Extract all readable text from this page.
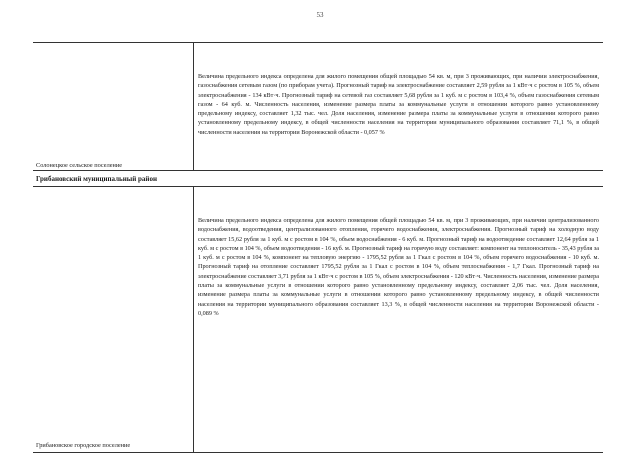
53
Величина предельного индекса определена для жилого помещения общей площадью 54 кв. м, при 3 проживающих, при наличии электроснабжения, газоснабжения сетевым газом (по приборам учета). Прогнозный тариф на электроснабжение составляет 2,59 рубля за 1 кВт·ч с ростом в 105 %, объем электроснабжения - 134 кВт·ч. Прогнозный тариф на сетевой газ составляет 5,68 рубля за 1 куб. м с ростом в 103,4 %, объем газоснабжения сетевым газом - 64 куб. м. Численность населения, изменение размера платы за коммунальные услуги в отношении которого равно установленному предельному индексу, составляет 1,32 тыс. чел. Доля населения, изменение размера платы за коммунальные услуги в отношении которого равно установленному предельному индексу, в общей численности населения на территории муниципального образования составляет 71,1 %, в общей численности населения на территории Воронежской области - 0,057 %
Солонецкое сельское поселение
Грибановский муниципальный район
Величина предельного индекса определена для жилого помещения общей площадью 54 кв. м, при 3 проживающих, при наличии централизованного водоснабжения, водоотведения, централизованного отопления, горячего водоснабжения, электроснабжения. Прогнозный тариф на холодную воду составляет 15,62 рубля за 1 куб. м с ростом в 104 %, объем водоснабжения - 6 куб. м. Прогнозный тариф на водоотведение составляет 12,64 рубля за 1 куб. м с ростом в 104 %, объем водоотведения - 16 куб. м. Прогнозный тариф на горячую воду составляет: компонент на теплоноситель - 35,43 рубля за 1 куб. м с ростом в 104 %, компонент на тепловую энергию - 1795,52 рубля за 1 Гкал с ростом в 104 %, объем горячего водоснабжения - 10 куб. м. Прогнозный тариф на отопление составляет 1795,52 рубля за 1 Гкал с ростом в 104 %, объем теплоснабжения - 1,7 Гкал. Прогнозный тариф на электроснабжение составляет 3,71 рубля за 1 кВт·ч с ростом в 105 %, объем электроснабжения - 120 кВт·ч. Численность населения, изменение размера платы за коммунальные услуги в отношении которого равно установленному предельному индексу, составляет 2,06 тыс. чел. Доля населения, изменение размера платы за коммунальные услуги в отношении которого равно установленному предельному индексу, в общей численности населения на территории муниципального образования составляет 13,3 %, в общей численности населения на территории Воронежской области - 0,089 %
Грибановское городское поселение
